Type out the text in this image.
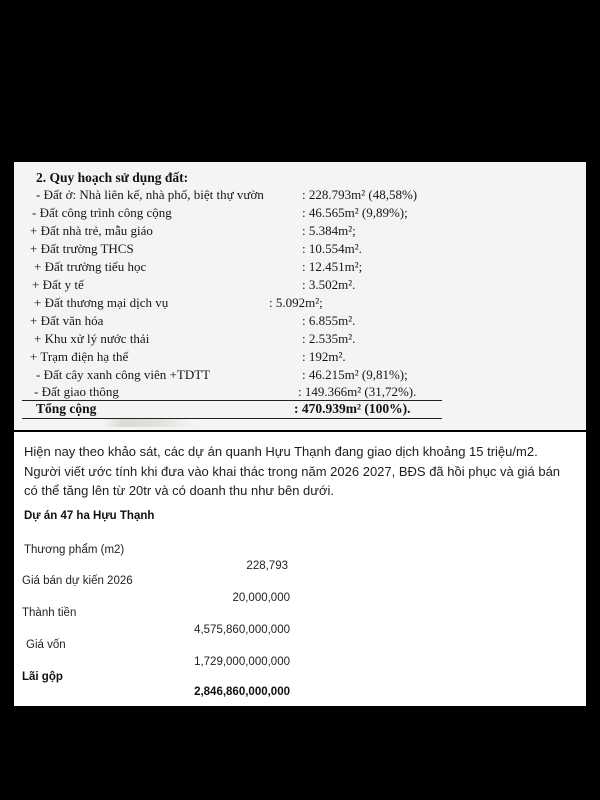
2. Quy hoạch sử dụng đất:
- Đất ở: Nhà liên kế, nhà phố, biệt thự vườn	: 228.793m² (48,58%)
- Đất công trình công cộng	: 46.565m² (9,89%);
+ Đất nhà trẻ, mẫu giáo	: 5.384m²;
+ Đất trường THCS	: 10.554m².
+ Đất trường tiểu học	: 12.451m²;
+ Đất y tế	: 3.502m².
+ Đất thương mại dịch vụ	: 5.092m²;
+ Đất văn hóa	: 6.855m².
+ Khu xử lý nước thải	: 2.535m².
+ Trạm điện hạ thế	: 192m².
- Đất cây xanh công viên +TDTT	: 46.215m² (9,81%);
- Đất giao thông	: 149.366m² (31,72%).
Tổng cộng	: 470.939m² (100%).
Hiện nay theo khảo sát, các dự án quanh Hựu Thạnh đang giao dịch khoảng 15 triệu/m2. Người viết ước tính khi đưa vào khai thác trong năm 2026 2027, BĐS đã hồi phục và giá bán có thể tăng lên từ 20tr và có doanh thu như bên dưới.
Dự án 47 ha Hựu Thạnh
Thương phẩm (m2)
228,793
Giá bán dự kiến 2026
20,000,000
Thành tiền
4,575,860,000,000
Giá vốn
1,729,000,000,000
Lãi gộp
2,846,860,000,000
